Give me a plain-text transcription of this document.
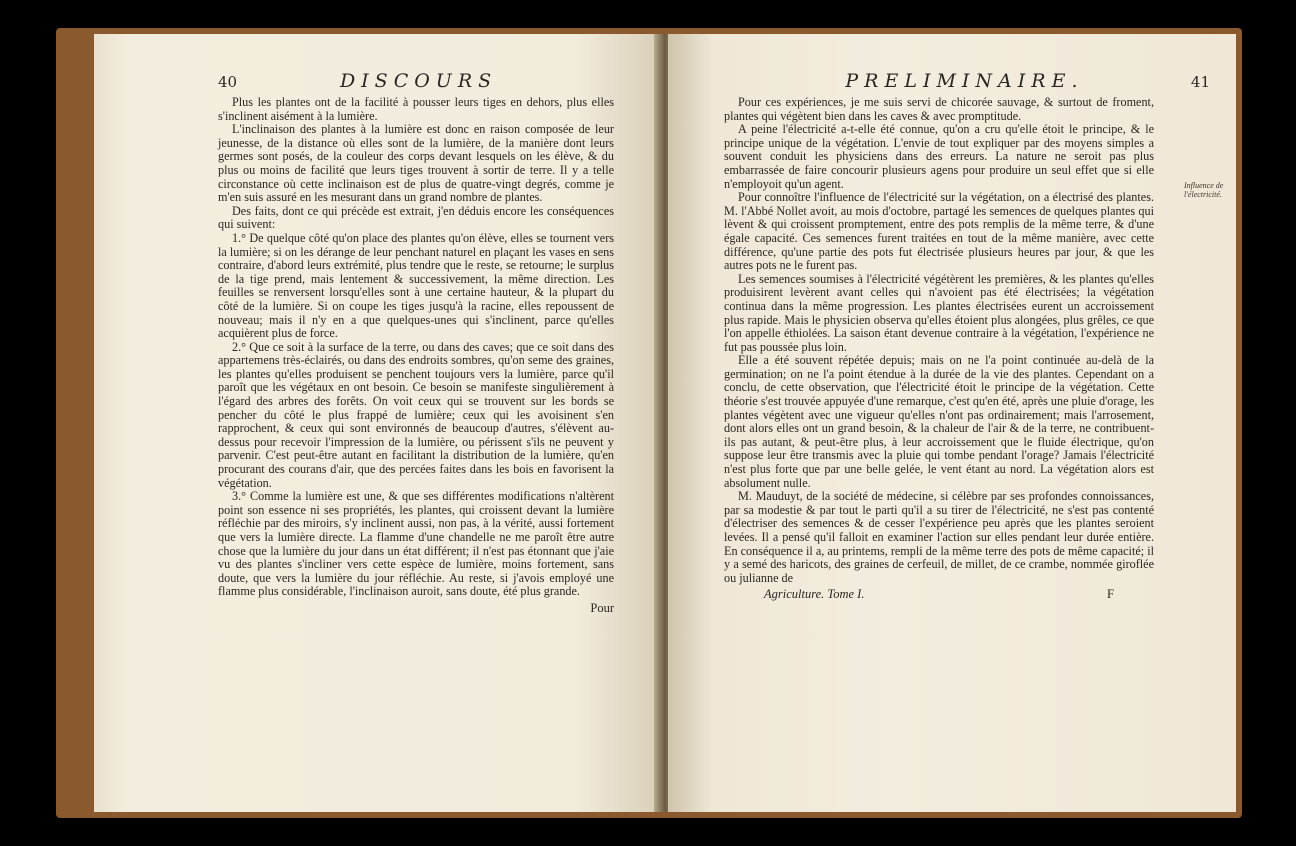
40	DISCOURS

Plus les plantes ont de la facilité à pousser leurs tiges en dehors, plus elles s'inclinent aisément à la lumière.

L'inclinaison des plantes à la lumière est donc en raison composée de leur jeunesse, de la distance où elles sont de la lumière, de la manière dont leurs germes sont posés, de la couleur des corps devant lesquels on les élève, & du plus ou moins de facilité que leurs tiges trouvent à sortir de terre. Il y a telle circonstance où cette inclinaison est de plus de quatre-vingt degrés, comme je m'en suis assuré en les mesurant dans un grand nombre de plantes.

Des faits, dont ce qui précède est extrait, j'en déduis encore les conséquences qui suivent:

1.° De quelque côté qu'on place des plantes qu'on élève, elles se tournent vers la lumière; si on les dérange de leur penchant naturel en plaçant les vases en sens contraire, d'abord leurs extrémité, plus tendre que le reste, se retourne; le surplus de la tige prend, mais lentement & successivement, la même direction. Les feuilles se renversent lorsqu'elles sont à une certaine hauteur, & la plupart du côté de la lumière. Si on coupe les tiges jusqu'à la racine, elles repoussent de nouveau; mais il n'y en a que quelques-unes qui s'inclinent, parce qu'elles acquièrent plus de force.

2.° Que ce soit à la surface de la terre, ou dans des caves; que ce soit dans des appartemens très-éclairés, ou dans des endroits sombres, qu'on seme des graines, les plantes qu'elles produisent se penchent toujours vers la lumière, parce qu'il paroît que les végétaux en ont besoin. Ce besoin se manifeste singulièrement à l'égard des arbres des forêts. On voit ceux qui se trouvent sur les bords se pencher du côté le plus frappé de lumière; ceux qui les avoisinent s'en rapprochent, & ceux qui sont environnés de beaucoup d'autres, s'élèvent au-dessus pour recevoir l'impression de la lumière, ou périssent s'ils ne peuvent y parvenir. C'est peut-être autant en facilitant la distribution de la lumière, qu'en procurant des courans d'air, que des percées faites dans les bois en favorisent la végétation.

3.° Comme la lumière est une, & que ses différentes modifications n'altèrent point son essence ni ses propriétés, les plantes, qui croissent devant la lumière réfléchie par des miroirs, s'y inclinent aussi, non pas, à la vérité, aussi fortement que vers la lumière directe. La flamme d'une chandelle ne me paroît être autre chose que la lumière du jour dans un état différent; il n'est pas étonnant que j'aie vu des plantes s'incliner vers cette espèce de lumière, moins fortement, sans doute, que vers la lumière du jour réfléchie. Au reste, si j'avois employé une flamme plus considérable, l'inclinaison auroit, sans doute, été plus grande.

Pour
PRELIMINAIRE.	41
Influence de l'électricité.

Pour ces expériences, je me suis servi de chicorée sauvage, & surtout de froment, plantes qui végètent bien dans les caves & avec promptitude.

A peine l'électricité a-t-elle été connue, qu'on a cru qu'elle étoit le principe, & le principe unique de la végétation. L'envie de tout expliquer par des moyens simples a souvent conduit les physiciens dans des erreurs. La nature ne seroit pas plus embarrassée de faire concourir plusieurs agens pour produire un seul effet que si elle n'employoit qu'un agent.

Pour connoître l'influence de l'électricité sur la végétation, on a électrisé des plantes. M. l'Abbé Nollet avoit, au mois d'octobre, partagé les semences de quelques plantes qui lèvent & qui croissent promptement, entre des pots remplis de la même terre, & d'une égale capacité. Ces semences furent traitées en tout de la même manière, avec cette différence, qu'une partie des pots fut électrisée plusieurs heures par jour, & que les autres pots ne le furent pas.

Les semences soumises à l'électricité végétèrent les premières, & les plantes qu'elles produisirent levèrent avant celles qui n'avoient pas été électrisées; la végétation continua dans la même progression. Les plantes électrisées eurent un accroissement plus rapide. Mais le physicien observa qu'elles étoient plus alongées, plus grêles, ce que l'on appelle éthiolées. La saison étant devenue contraire à la végétation, l'expérience ne fut pas poussée plus loin.

Elle a été souvent répétée depuis; mais on ne l'a point continuée au-delà de la germination; on ne l'a point étendue à la durée de la vie des plantes. Cependant on a conclu, de cette observation, que l'électricité étoit le principe de la végétation. Cette théorie s'est trouvée appuyée d'une remarque, c'est qu'en été, après une pluie d'orage, les plantes végètent avec une vigueur qu'elles n'ont pas ordinairement; mais l'arrosement, dont alors elles ont un grand besoin, & la chaleur de l'air & de la terre, ne contribuent-ils pas autant, & peut-être plus, à leur accroissement que le fluide électrique, qu'on suppose leur être transmis avec la pluie qui tombe pendant l'orage? Jamais l'électricité n'est plus forte que par une belle gelée, le vent étant au nord. La végétation alors est absolument nulle.

M. Mauduyt, de la société de médecine, si célèbre par ses profondes connoissances, par sa modestie & par tout le parti qu'il a su tirer de l'électricité, ne s'est pas contenté d'électriser des semences & de cesser l'expérience peu après que les plantes seroient levées. Il a pensé qu'il falloit en examiner l'action sur elles pendant leur durée entière. En conséquence il a, au printems, rempli de la même terre des pots de même capacité; il y a semé des haricots, des graines de cerfeuil, de millet, de ce crambe, nommée giroflée ou julianne de

Agriculture. Tome I.	F
